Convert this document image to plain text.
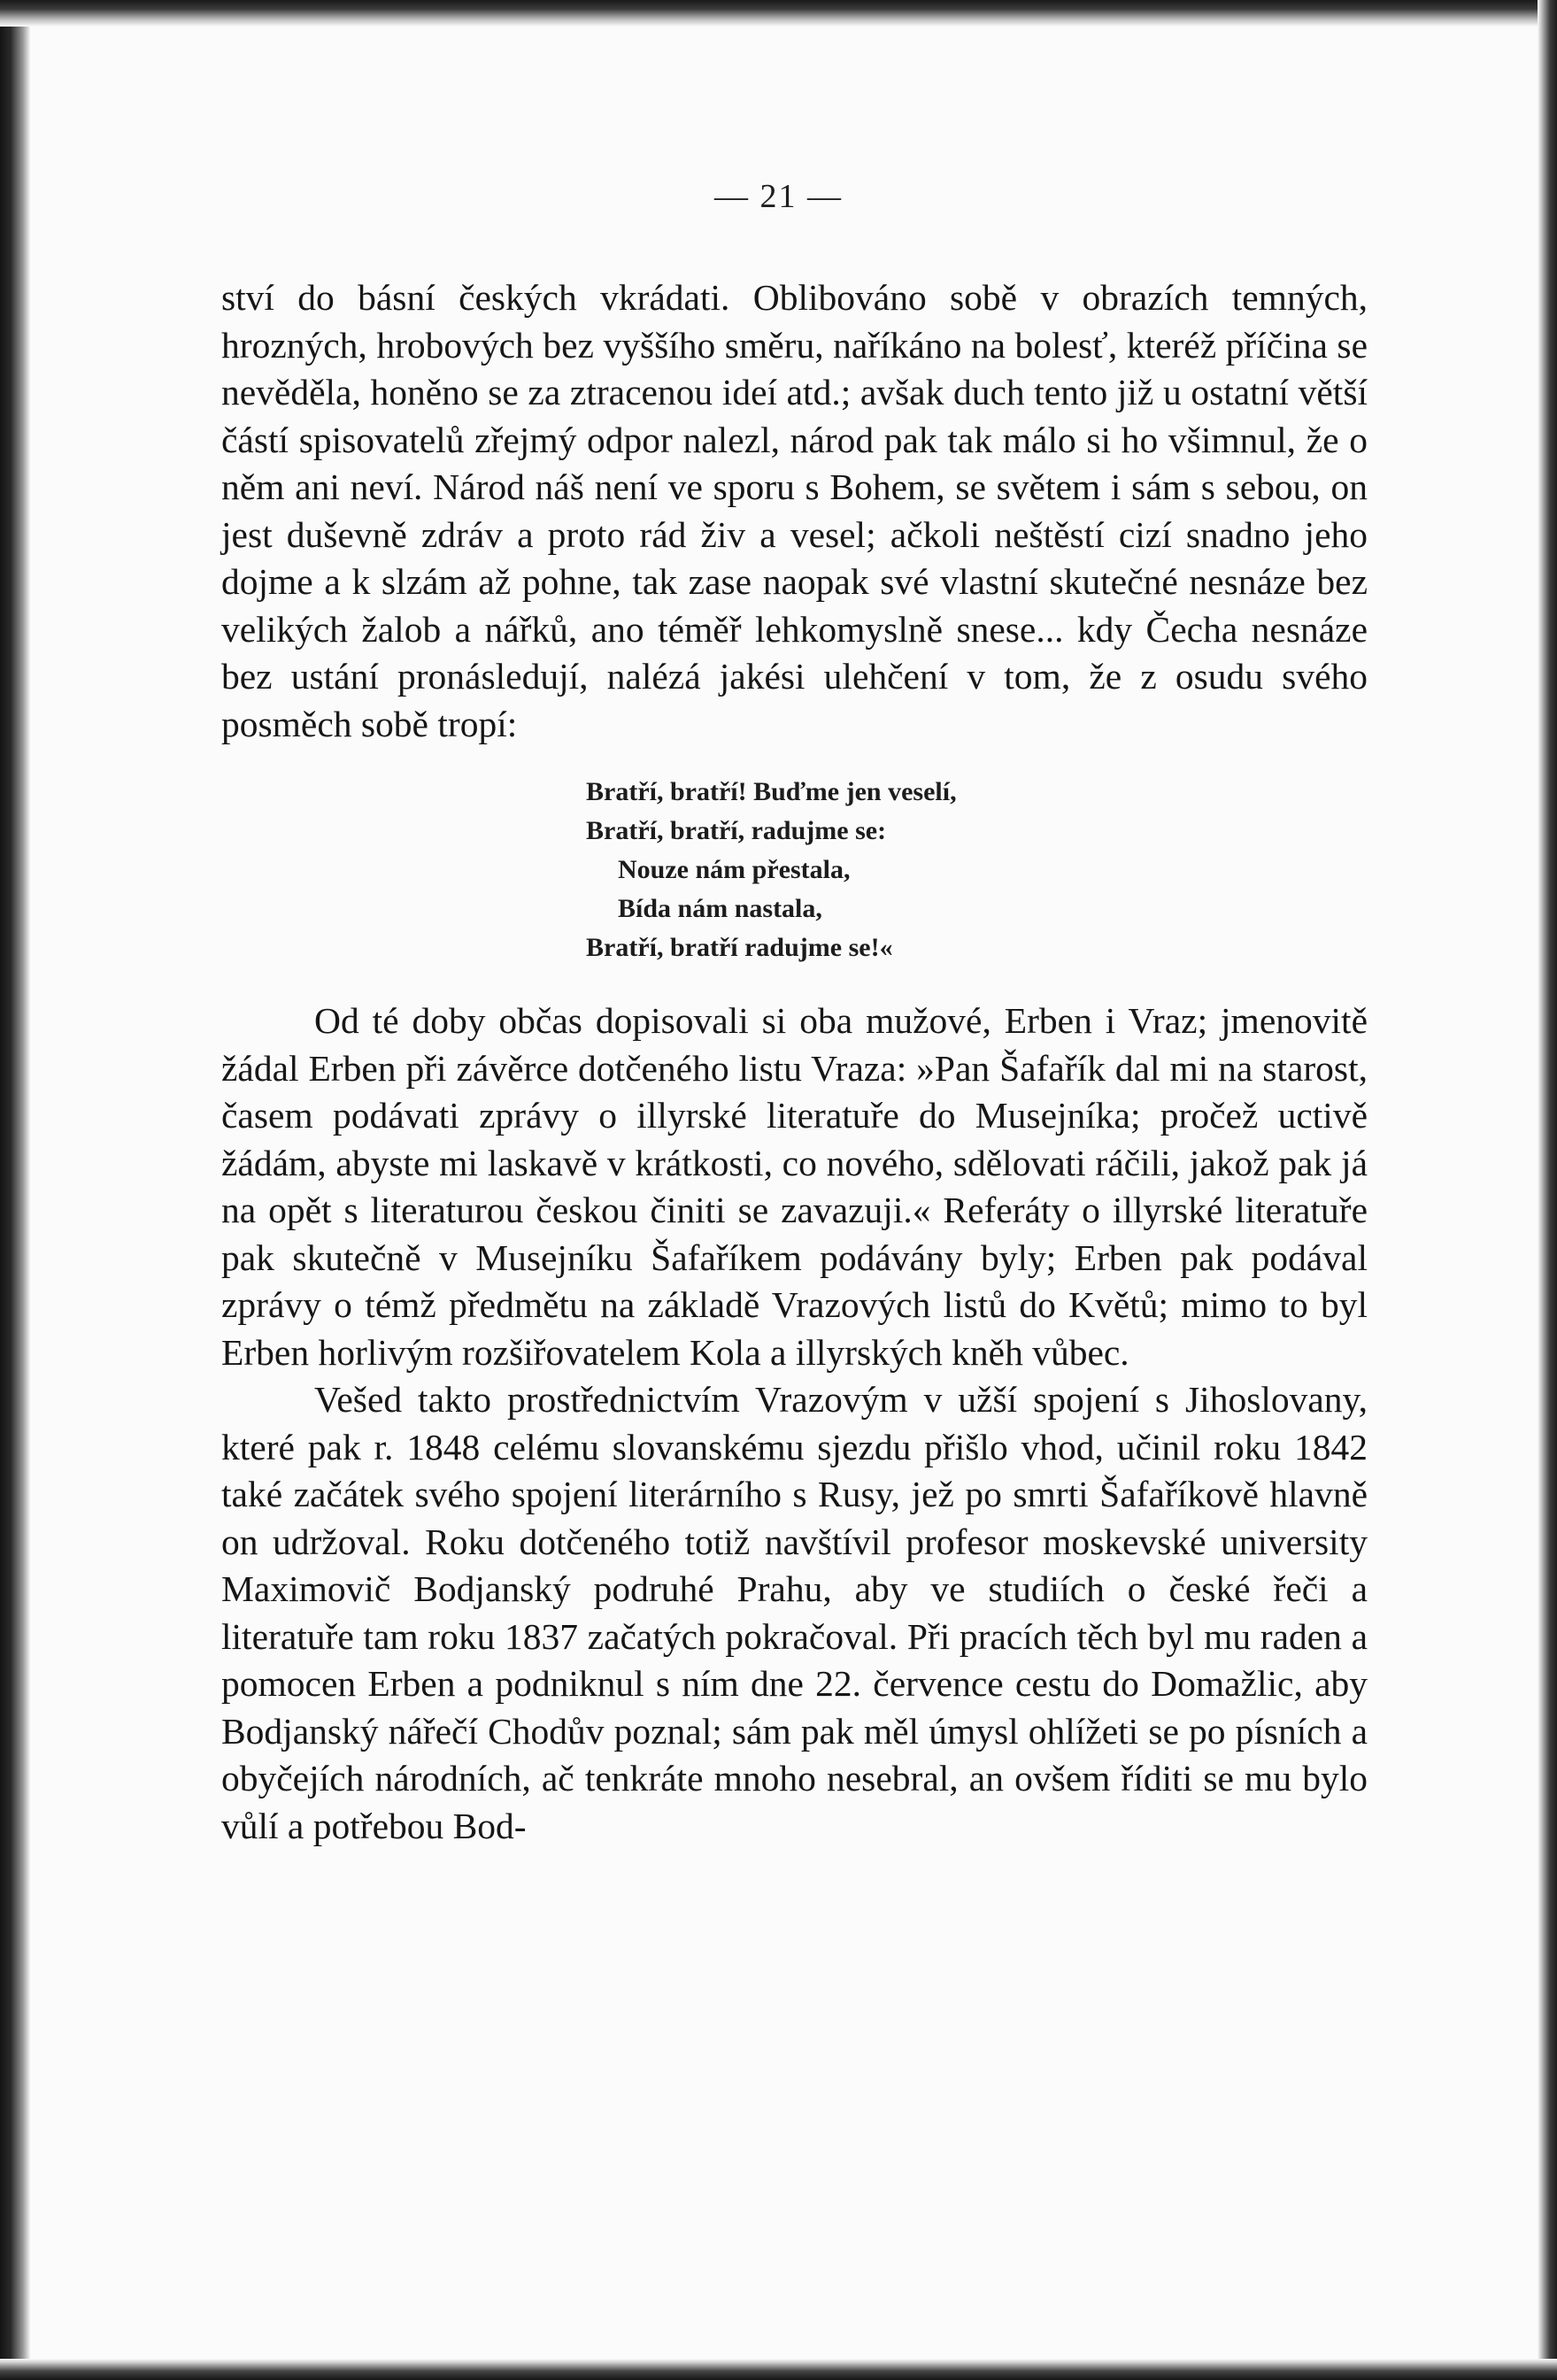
— 21 —

ství do básní českých vkrádati. Oblibováno sobě v obrazích temných, hrozných, hrobových bez vyššího směru, naříkáno na bolesť, kteréž příčina se nevěděla, honěno se za ztracenou ideí atd.; avšak duch tento již u ostatní větší částí spisovatelů zřejmý odpor nalezl, národ pak tak málo si ho všimnul, že o něm ani neví. Národ náš není ve sporu s Bohem, se světem i sám s sebou, on jest duševně zdráv a proto rád živ a vesel; ačkoli neštěstí cizí snadno jeho dojme a k slzám až pohne, tak zase naopak své vlastní skutečné nesnáze bez velikých žalob a nářků, ano téměř lehkomyslně snese... kdy Čecha nesnáze bez ustání pronásledují, nalézá jakési ulehčení v tom, že z osudu svého posměch sobě tropí:

Bratří, bratří! Buďme jen veselí,
Bratří, bratří, radujme se:
Nouze nám přestala,
Bída nám nastala,
Bratří, bratří radujme se!«

Od té doby občas dopisovali si oba mužové, Erben i Vraz; jmenovitě žádal Erben při závěrce dotčeného listu Vraza: »Pan Šafařík dal mi na starost, časem podávati zprávy o illyrské literatuře do Musejníka; pročež uctivě žádám, abyste mi laskavě v krátkosti, co nového, sdělovati ráčili, jakož pak já na opět s literaturou českou činiti se zavazuji.« Referáty o illyrské literatuře pak skutečně v Musejníku Šafaříkem podávány byly; Erben pak podával zprávy o témž předmětu na základě Vrazových listů do Květů; mimo to byl Erben horlivým rozšiřovatelem Kola a illyrských kněh vůbec.

Vešed takto prostřednictvím Vrazovým v užší spojení s Jihoslovany, které pak r. 1848 celému slovanskému sjezdu přišlo vhod, učinil roku 1842 také začátek svého spojení literárního s Rusy, jež po smrti Šafaříkově hlavně on udržoval. Roku dotčeného totiž navštívil profesor moskevské university Maximovič Bodjanský podruhé Prahu, aby ve studiích o české řeči a literatuře tam roku 1837 začatých pokračoval. Při pracích těch byl mu raden a pomocen Erben a podniknul s ním dne 22. července cestu do Domažlic, aby Bodjanský nářečí Chodův poznal; sám pak měl úmysl ohlížeti se po písních a obyčejích národních, ač tenkráte mnoho nesebral, an ovšem říditi se mu bylo vůlí a potřebou Bod-
